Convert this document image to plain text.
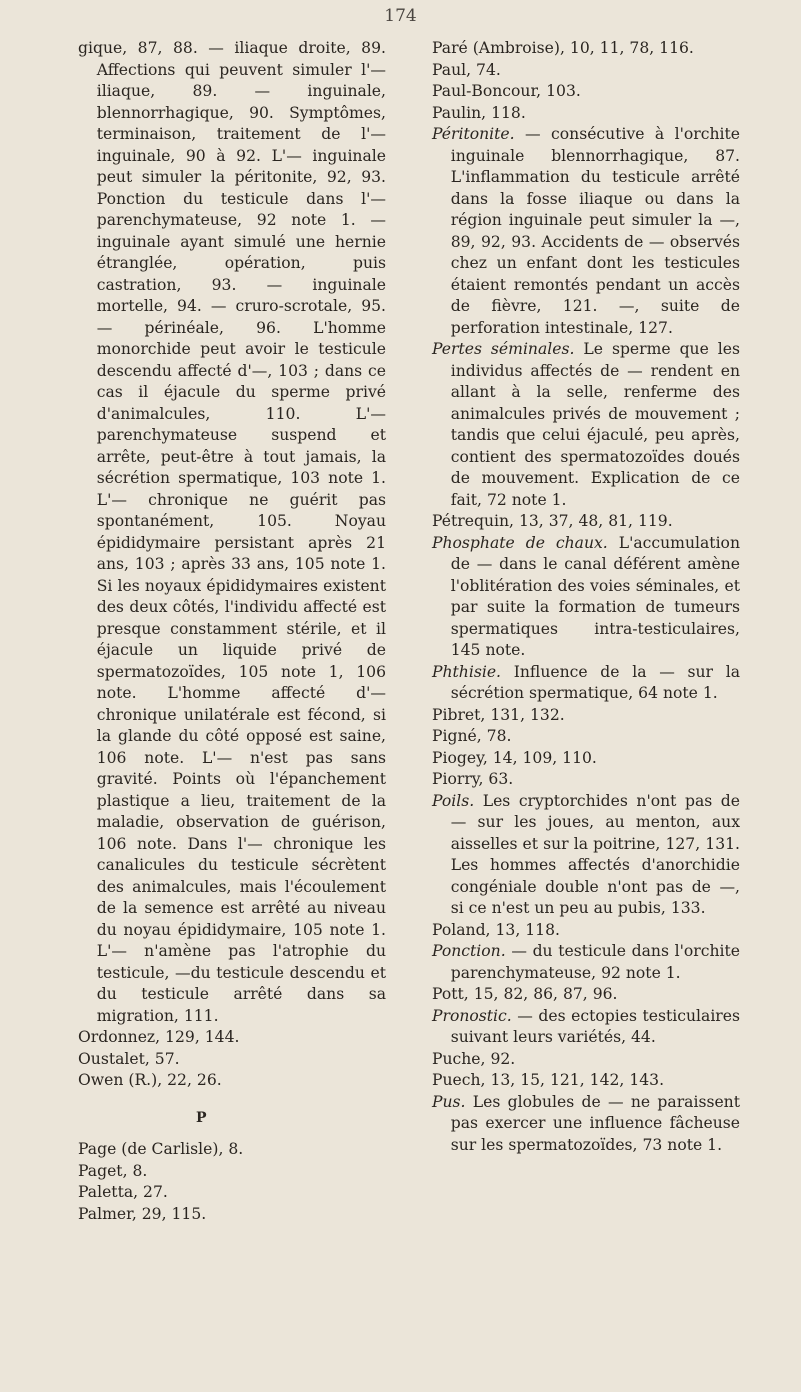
174

gique, 87, 88. — iliaque droite, 89. Affections qui peuvent simuler l'— iliaque, 89. — inguinale, blennorrhagique, 90. Symptômes, terminaison, traitement de l'— inguinale, 90 à 92. L'— inguinale peut simuler la péritonite, 92, 93. Ponction du testicule dans l'— parenchymateuse, 92 note 1. — inguinale ayant simulé une hernie étranglée, opération, puis castration, 93. — inguinale mortelle, 94. — cruro-scrotale, 95. — périnéale, 96. L'homme monorchide peut avoir le testicule descendu affecté d'—, 103 ; dans ce cas il éjacule du sperme privé d'animalcules, 110. L'— parenchymateuse suspend et arrête, peut-être à tout jamais, la sécrétion spermatique, 103 note 1. L'— chronique ne guérit pas spontanément, 105. Noyau épididymaire persistant après 21 ans, 103 ; après 33 ans, 105 note 1. Si les noyaux épididymaires existent des deux côtés, l'individu affecté est presque constamment stérile, et il éjacule un liquide privé de spermatozoïdes, 105 note 1, 106 note. L'homme affecté d'—chronique unilatérale est fécond, si la glande du côté opposé est saine, 106 note. L'— n'est pas sans gravité. Points où l'épanchement plastique a lieu, traitement de la maladie, observation de guérison, 106 note. Dans l'— chronique les canalicules du testicule sécrètent des animalcules, mais l'écoulement de la semence est arrêté au niveau du noyau épididymaire, 105 note 1. L'— n'amène pas l'atrophie du testicule, —du testicule descendu et du testicule arrêté dans sa migration, 111.

Ordonnez, 129, 144.

Oustalet, 57.

Owen (R.), 22, 26.

P

Page (de Carlisle), 8.

Paget, 8.

Paletta, 27.

Palmer, 29, 115.

Paré (Ambroise), 10, 11, 78, 116.

Paul, 74.

Paul-Boncour, 103.

Paulin, 118.

Péritonite. — consécutive à l'orchite inguinale blennorrhagique, 87. L'inflammation du testicule arrêté dans la fosse iliaque ou dans la région inguinale peut simuler la —, 89, 92, 93. Accidents de — observés chez un enfant dont les testicules étaient remontés pendant un accès de fièvre, 121. —, suite de perforation intestinale, 127.

Pertes séminales. Le sperme que les individus affectés de — rendent en allant à la selle, renferme des animalcules privés de mouvement ; tandis que celui éjaculé, peu après, contient des spermatozoïdes doués de mouvement. Explication de ce fait, 72 note 1.

Pétrequin, 13, 37, 48, 81, 119.

Phosphate de chaux. L'accumulation de — dans le canal déférent amène l'oblitération des voies séminales, et par suite la formation de tumeurs spermatiques intra-testiculaires, 145 note.

Phthisie. Influence de la — sur la sécrétion spermatique, 64 note 1.

Pibret, 131, 132.

Pigné, 78.

Piogey, 14, 109, 110.

Piorry, 63.

Poils. Les cryptorchides n'ont pas de — sur les joues, au menton, aux aisselles et sur la poitrine, 127, 131. Les hommes affectés d'anorchidie congéniale double n'ont pas de —, si ce n'est un peu au pubis, 133.

Poland, 13, 118.

Ponction. — du testicule dans l'orchite parenchymateuse, 92 note 1.

Pott, 15, 82, 86, 87, 96.

Pronostic. — des ectopies testiculaires suivant leurs variétés, 44.

Puche, 92.

Puech, 13, 15, 121, 142, 143.

Pus. Les globules de — ne paraissent pas exercer une influence fâcheuse sur les spermatozoïdes, 73 note 1.
